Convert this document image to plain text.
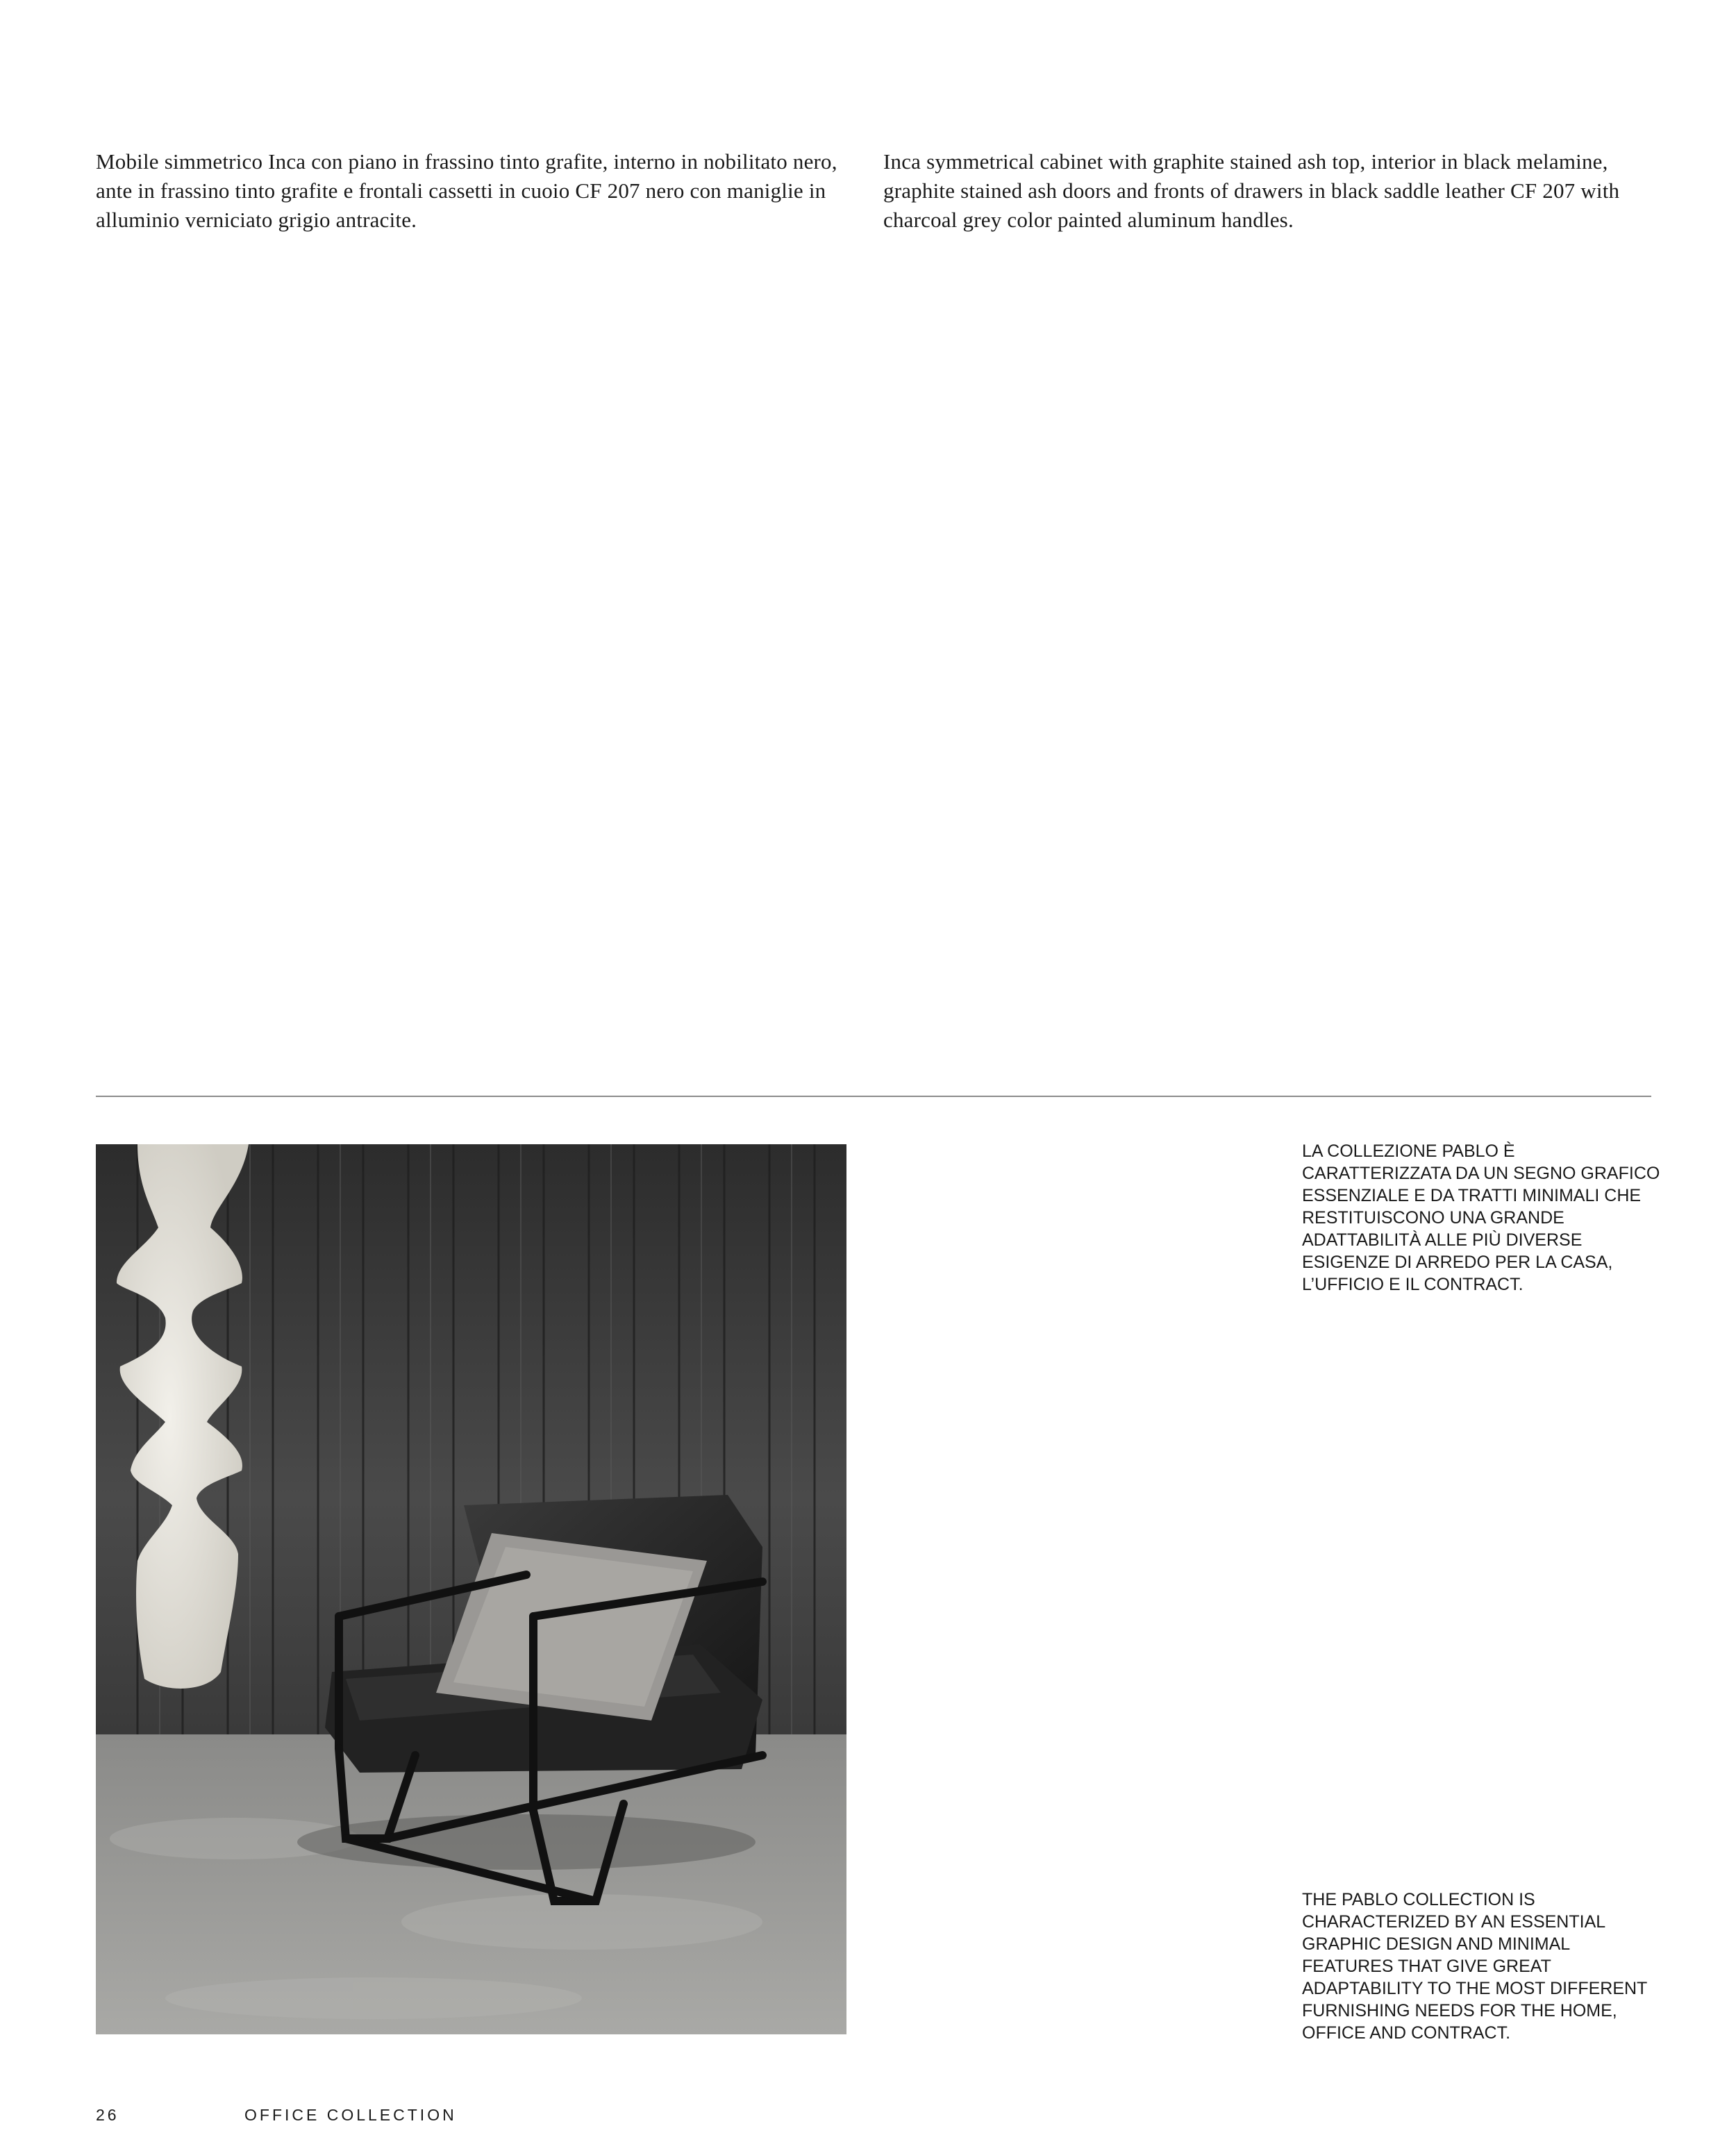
Mobile simmetrico Inca con piano in frassino tinto grafite, interno in nobilitato nero, ante in frassino tinto grafite e frontali cassetti in cuoio CF 207 nero con maniglie in alluminio verniciato grigio antracite.

Inca symmetrical cabinet with graphite stained ash top, interior in black melamine, graphite stained ash doors and fronts of drawers in black saddle leather CF 207 with charcoal grey color painted aluminum handles.

LA COLLEZIONE PABLO È CARATTERIZZATA DA UN SEGNO GRAFICO ESSENZIALE E DA TRATTI MINIMALI CHE RESTITUISCONO UNA GRANDE ADATTABILITÀ ALLE PIÙ DIVERSE ESIGENZE DI ARREDO PER LA CASA, L’UFFICIO E IL CONTRACT.

THE PABLO COLLECTION IS CHARACTERIZED BY AN ESSENTIAL GRAPHIC DESIGN AND MINIMAL FEATURES THAT GIVE GREAT ADAPTABILITY TO THE MOST DIFFERENT FURNISHING NEEDS FOR THE HOME, OFFICE AND CONTRACT.

26	OFFICE COLLECTION
